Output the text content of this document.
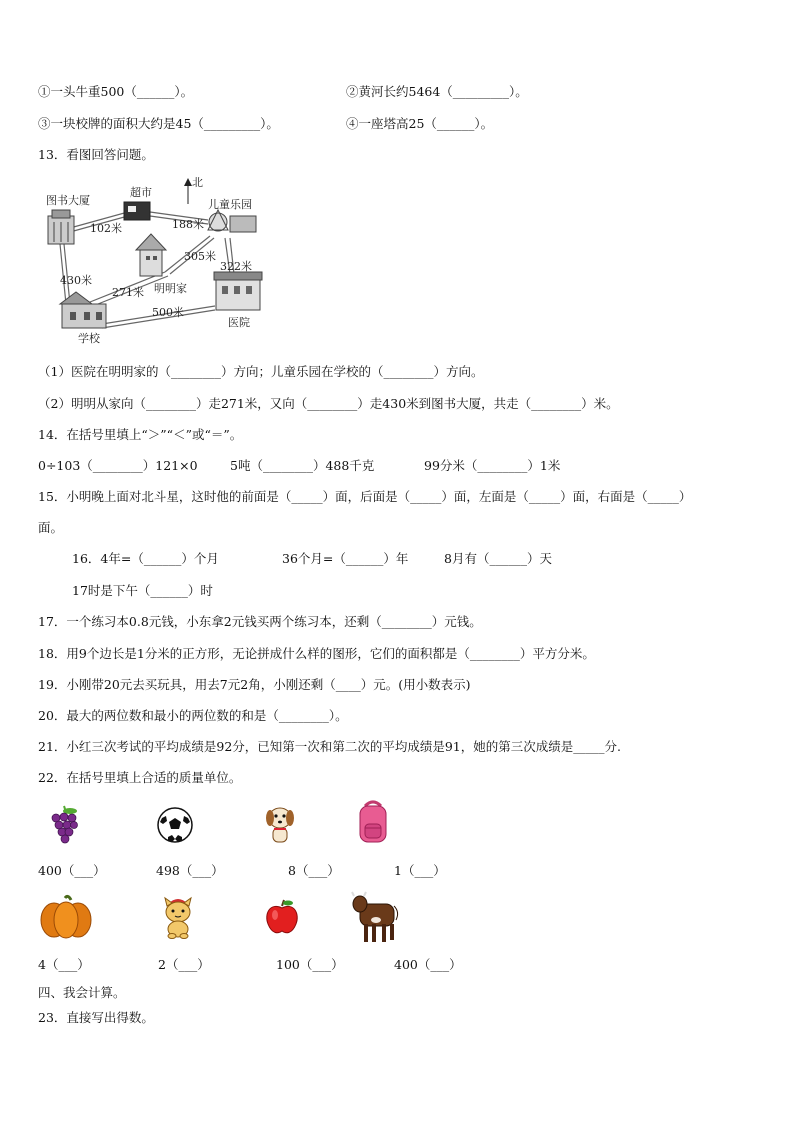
①一头牛重500（______）。	②黄河长约5464（_________）。
③一块校牌的面积大约是45（_________）。	④一座塔高25（______）。
13．看图回答问题。
图书大厦
超市
北
儿童乐园
102米	188米
305米
322米
430米
271米 明明家
500米
医院
学校
（1）医院在明明家的（________）方向；儿童乐园在学校的（________）方向。
（2）明明从家向（________）走271米，又向（________）走430米到图书大厦，共走（________）米。
14．在括号里填上“＞”“＜”或“＝”。
0÷103（________）121×0	5吨（________）488千克	99分米（________）1米
15．小明晚上面对北斗星，这时他的前面是（_____）面，后面是（_____）面，左面是（_____）面，右面是（_____）
面。
16．4年=（______）个月	36个月=（______）年	8月有（______）天
17时是下午（______）时
17．一个练习本0.8元钱，小东拿2元钱买两个练习本，还剩（________）元钱。
18．用9个边长是1分米的正方形，无论拼成什么样的图形，它们的面积都是（________）平方分米。
19．小刚带20元去买玩具，用去7元2角，小刚还剩（____）元。(用小数表示)
20．最大的两位数和最小的两位数的和是（________）。
21．小红三次考试的平均成绩是92分，已知第一次和第二次的平均成绩是91，她的第三次成绩是_____分.
22．在括号里填上合适的质量单位。
400（___）	498（___）	8（___）	1（___）
4（___）	2（___）	100（___）	400（___）
四、我会计算。
23．直接写出得数。
